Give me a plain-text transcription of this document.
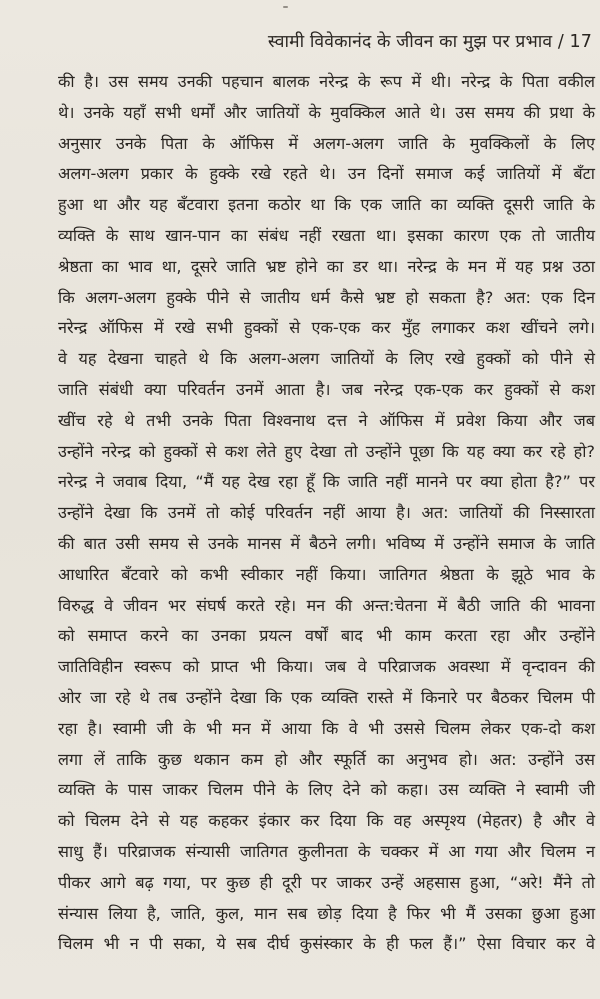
स्वामी विवेकानंद के जीवन का मुझ पर प्रभाव / 17
की है। उस समय उनकी पहचान बालक नरेन्द्र के रूप में थी। नरेन्द्र के पिता वकील
थे। उनके यहाँ सभी धर्मों और जातियों के मुवक्किल आते थे। उस समय की प्रथा के
अनुसार उनके पिता के ऑफिस में अलग-अलग जाति के मुवक्किलों के लिए
अलग-अलग प्रकार के हुक्के रखे रहते थे। उन दिनों समाज कई जातियों में बँटा
हुआ था और यह बँटवारा इतना कठोर था कि एक जाति का व्यक्ति दूसरी जाति के
व्यक्ति के साथ खान-पान का संबंध नहीं रखता था। इसका कारण एक तो जातीय
श्रेष्ठता का भाव था, दूसरे जाति भ्रष्ट होने का डर था। नरेन्द्र के मन में यह प्रश्न उठा
कि अलग-अलग हुक्के पीने से जातीय धर्म कैसे भ्रष्ट हो सकता है? अत: एक दिन
नरेन्द्र ऑफिस में रखे सभी हुक्कों से एक-एक कर मुँह लगाकर कश खींचने लगे।
वे यह देखना चाहते थे कि अलग-अलग जातियों के लिए रखे हुक्कों को पीने से
जाति संबंधी क्या परिवर्तन उनमें आता है। जब नरेन्द्र एक-एक कर हुक्कों से कश
खींच रहे थे तभी उनके पिता विश्वनाथ दत्त ने ऑफिस में प्रवेश किया और जब
उन्होंने नरेन्द्र को हुक्कों से कश लेते हुए देखा तो उन्होंने पूछा कि यह क्या कर रहे हो?
नरेन्द्र ने जवाब दिया, “मैं यह देख रहा हूँ कि जाति नहीं मानने पर क्या होता है?” पर
उन्होंने देखा कि उनमें तो कोई परिवर्तन नहीं आया है। अत: जातियों की निस्सारता
की बात उसी समय से उनके मानस में बैठने लगी। भविष्य में उन्होंने समाज के जाति
आधारित बँटवारे को कभी स्वीकार नहीं किया। जातिगत श्रेष्ठता के झूठे भाव के
विरुद्ध वे जीवन भर संघर्ष करते रहे। मन की अन्त:चेतना में बैठी जाति की भावना
को समाप्त करने का उनका प्रयत्न वर्षों बाद भी काम करता रहा और उन्होंने
जातिविहीन स्वरूप को प्राप्त भी किया। जब वे परिव्राजक अवस्था में वृन्दावन की
ओर जा रहे थे तब उन्होंने देखा कि एक व्यक्ति रास्ते में किनारे पर बैठकर चिलम पी
रहा है। स्वामी जी के भी मन में आया कि वे भी उससे चिलम लेकर एक-दो कश
लगा लें ताकि कुछ थकान कम हो और स्फूर्ति का अनुभव हो। अत: उन्होंने उस
व्यक्ति के पास जाकर चिलम पीने के लिए देने को कहा। उस व्यक्ति ने स्वामी जी
को चिलम देने से यह कहकर इंकार कर दिया कि वह अस्पृश्य (मेहतर) है और वे
साधु हैं। परिव्राजक संन्यासी जातिगत कुलीनता के चक्कर में आ गया और चिलम न
पीकर आगे बढ़ गया, पर कुछ ही दूरी पर जाकर उन्हें अहसास हुआ, “अरे! मैंने तो
संन्यास लिया है, जाति, कुल, मान सब छोड़ दिया है फिर भी मैं उसका छुआ हुआ
चिलम भी न पी सका, ये सब दीर्घ कुसंस्कार के ही फल हैं।” ऐसा विचार कर वे
